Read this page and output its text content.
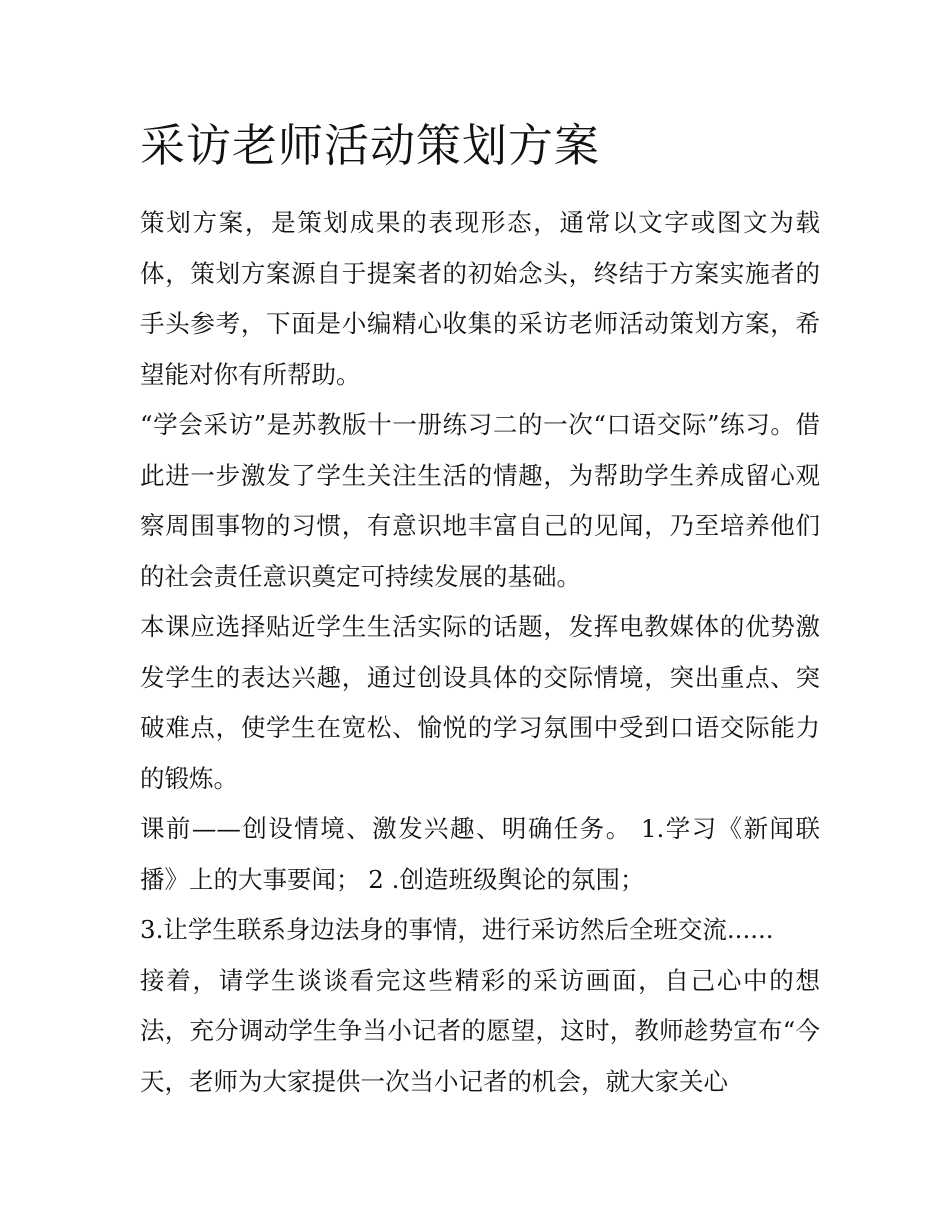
采访老师活动策划方案

策划方案，是策划成果的表现形态，通常以文字或图文为载体，策划方案源自于提案者的初始念头，终结于方案实施者的手头参考，下面是小编精心收集的采访老师活动策划方案，希望能对你有所帮助。

“学会采访”是苏教版十一册练习二的一次“口语交际”练习。借此进一步激发了学生关注生活的情趣，为帮助学生养成留心观察周围事物的习惯，有意识地丰富自己的见闻，乃至培养他们的社会责任意识奠定可持续发展的基础。

本课应选择贴近学生生活实际的话题，发挥电教媒体的优势激发学生的表达兴趣，通过创设具体的交际情境，突出重点、突破难点，使学生在宽松、愉悦的学习氛围中受到口语交际能力的锻炼。

课前——创设情境、激发兴趣、明确任务。 1.学习《新闻联播》上的大事要闻； 2 .创造班级舆论的氛围；

3.让学生联系身边法身的事情，进行采访然后全班交流......

接着，请学生谈谈看完这些精彩的采访画面，自己心中的想法，充分调动学生争当小记者的愿望，这时，教师趁势宣布“今天，老师为大家提供一次当小记者的机会，就大家关心
